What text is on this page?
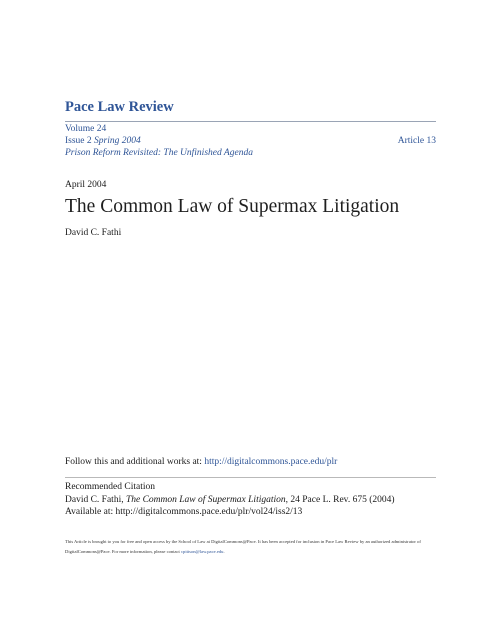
Pace Law Review
Volume 24
Issue 2 Spring 2004
Prison Reform Revisited: The Unfinished Agenda
Article 13
April 2004
The Common Law of Supermax Litigation
David C. Fathi
Follow this and additional works at: http://digitalcommons.pace.edu/plr
Recommended Citation
David C. Fathi, The Common Law of Supermax Litigation, 24 Pace L. Rev. 675 (2004)
Available at: http://digitalcommons.pace.edu/plr/vol24/iss2/13
This Article is brought to you for free and open access by the School of Law at DigitalCommons@Pace. It has been accepted for inclusion in Pace Law Review by an authorized administrator of DigitalCommons@Pace. For more information, please contact cpittson@law.pace.edu.
